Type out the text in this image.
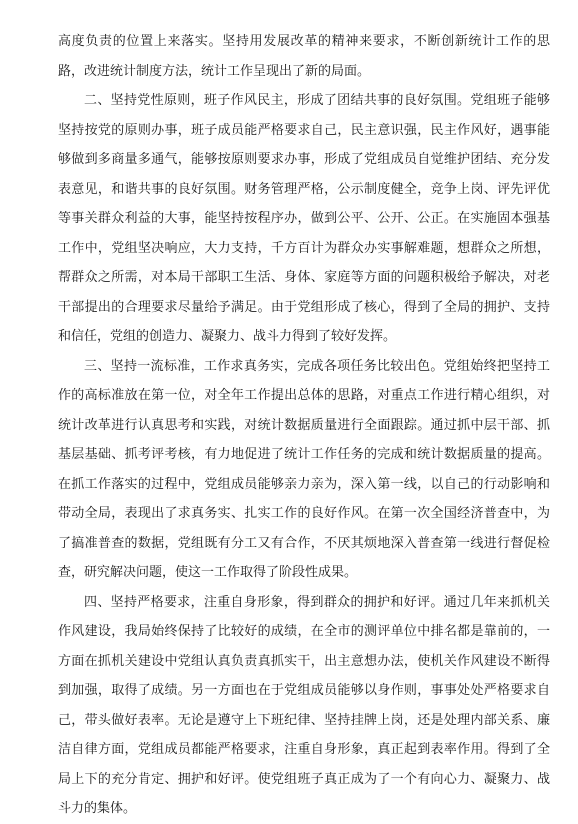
高度负责的位置上来落实。坚持用发展改革的精神来要求，不断创新统计工作的思路，改进统计制度方法，统计工作呈现出了新的局面。

二、坚持党性原则，班子作风民主，形成了团结共事的良好氛围。党组班子能够坚持按党的原则办事，班子成员能严格要求自己，民主意识强，民主作风好，遇事能够做到多商量多通气，能够按原则要求办事，形成了党组成员自觉维护团结、充分发表意见，和谐共事的良好氛围。财务管理严格，公示制度健全，竞争上岗、评先评优等事关群众利益的大事，能坚持按程序办，做到公平、公开、公正。在实施固本强基工作中，党组坚决响应，大力支持，千方百计为群众办实事解难题，想群众之所想，帮群众之所需，对本局干部职工生活、身体、家庭等方面的问题积极给予解决，对老干部提出的合理要求尽量给予满足。由于党组形成了核心，得到了全局的拥护、支持和信任，党组的创造力、凝聚力、战斗力得到了较好发挥。

三、坚持一流标准，工作求真务实，完成各项任务比较出色。党组始终把坚持工作的高标准放在第一位，对全年工作提出总体的思路，对重点工作进行精心组织，对统计改革进行认真思考和实践，对统计数据质量进行全面跟踪。通过抓中层干部、抓基层基础、抓考评考核，有力地促进了统计工作任务的完成和统计数据质量的提高。在抓工作落实的过程中，党组成员能够亲力亲为，深入第一线，以自己的行动影响和带动全局，表现出了求真务实、扎实工作的良好作风。在第一次全国经济普查中，为了搞准普查的数据，党组既有分工又有合作，不厌其烦地深入普查第一线进行督促检查，研究解决问题，使这一工作取得了阶段性成果。

四、坚持严格要求，注重自身形象，得到群众的拥护和好评。通过几年来抓机关作风建设，我局始终保持了比较好的成绩，在全市的测评单位中排名都是靠前的，一方面在抓机关建设中党组认真负责真抓实干，出主意想办法，使机关作风建设不断得到加强，取得了成绩。另一方面也在于党组成员能够以身作则，事事处处严格要求自己，带头做好表率。无论是遵守上下班纪律、坚持挂牌上岗，还是处理内部关系、廉洁自律方面，党组成员都能严格要求，注重自身形象，真正起到表率作用。得到了全局上下的充分肯定、拥护和好评。使党组班子真正成为了一个有向心力、凝聚力、战斗力的集体。
